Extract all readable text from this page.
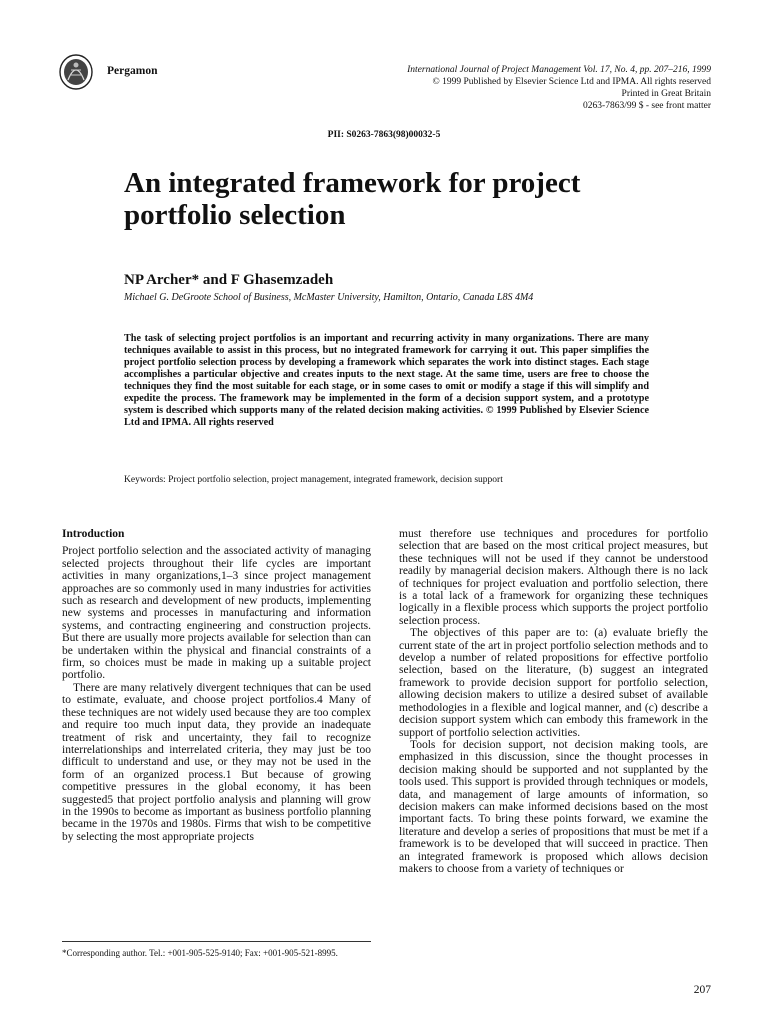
Pergamon	International Journal of Project Management Vol. 17, No. 4, pp. 207–216, 1999
© 1999 Published by Elsevier Science Ltd and IPMA. All rights reserved
Printed in Great Britain
0263-7863/99 $ - see front matter
PII: S0263-7863(98)00032-5
An integrated framework for project
portfolio selection
NP Archer* and F Ghasemzadeh
Michael G. DeGroote School of Business, McMaster University, Hamilton, Ontario, Canada L8S 4M4

The task of selecting project portfolios is an important and recurring activity in many organizations. There are many techniques available to assist in this process, but no integrated framework for carrying it out. This paper simplifies the project portfolio selection process by developing a framework which separates the work into distinct stages. Each stage accomplishes a particular objective and creates inputs to the next stage. At the same time, users are free to choose the techniques they find the most suitable for each stage, or in some cases to omit or modify a stage if this will simplify and expedite the process. The framework may be implemented in the form of a decision support system, and a prototype system is described which supports many of the related decision making activities. © 1999 Published by Elsevier Science Ltd and IPMA. All rights reserved

Keywords: Project portfolio selection, project management, integrated framework, decision support
Introduction

Project portfolio selection and the associated activity of managing selected projects throughout their life cycles are important activities in many organizations,1–3 since project management approaches are so commonly used in many industries for activities such as research and development of new products, implementing new systems and processes in manufacturing and information systems, and contracting engineering and construction projects. But there are usually more projects available for selection than can be undertaken within the physical and financial constraints of a firm, so choices must be made in making up a suitable project portfolio.

There are many relatively divergent techniques that can be used to estimate, evaluate, and choose project portfolios.4 Many of these techniques are not widely used because they are too complex and require too much input data, they provide an inadequate treatment of risk and uncertainty, they fail to recognize interrelationships and interrelated criteria, they may just be too difficult to understand and use, or they may not be used in the form of an organized process.1 But because of growing competitive pressures in the global economy, it has been suggested5 that project portfolio analysis and planning will grow in the 1990s to become as important as business portfolio planning became in the 1970s and 1980s. Firms that wish to be competitive by selecting the most appropriate projects

must therefore use techniques and procedures for portfolio selection that are based on the most critical project measures, but these techniques will not be used if they cannot be understood readily by managerial decision makers. Although there is no lack of techniques for project evaluation and portfolio selection, there is a total lack of a framework for organizing these techniques logically in a flexible process which supports the project portfolio selection process.

The objectives of this paper are to: (a) evaluate briefly the current state of the art in project portfolio selection methods and to develop a number of related propositions for effective portfolio selection, based on the literature, (b) suggest an integrated framework to provide decision support for portfolio selection, allowing decision makers to utilize a desired subset of available methodologies in a flexible and logical manner, and (c) describe a decision support system which can embody this framework in the support of portfolio selection activities.

Tools for decision support, not decision making tools, are emphasized in this discussion, since the thought processes in decision making should be supported and not supplanted by the tools used. This support is provided through techniques or models, data, and management of large amounts of information, so decision makers can make informed decisions based on the most important facts. To bring these points forward, we examine the literature and develop a series of propositions that must be met if a framework is to be developed that will succeed in practice. Then an integrated framework is proposed which allows decision makers to choose from a variety of techniques or

*Corresponding author. Tel.: +001-905-525-9140; Fax: +001-905-521-8995.
207
